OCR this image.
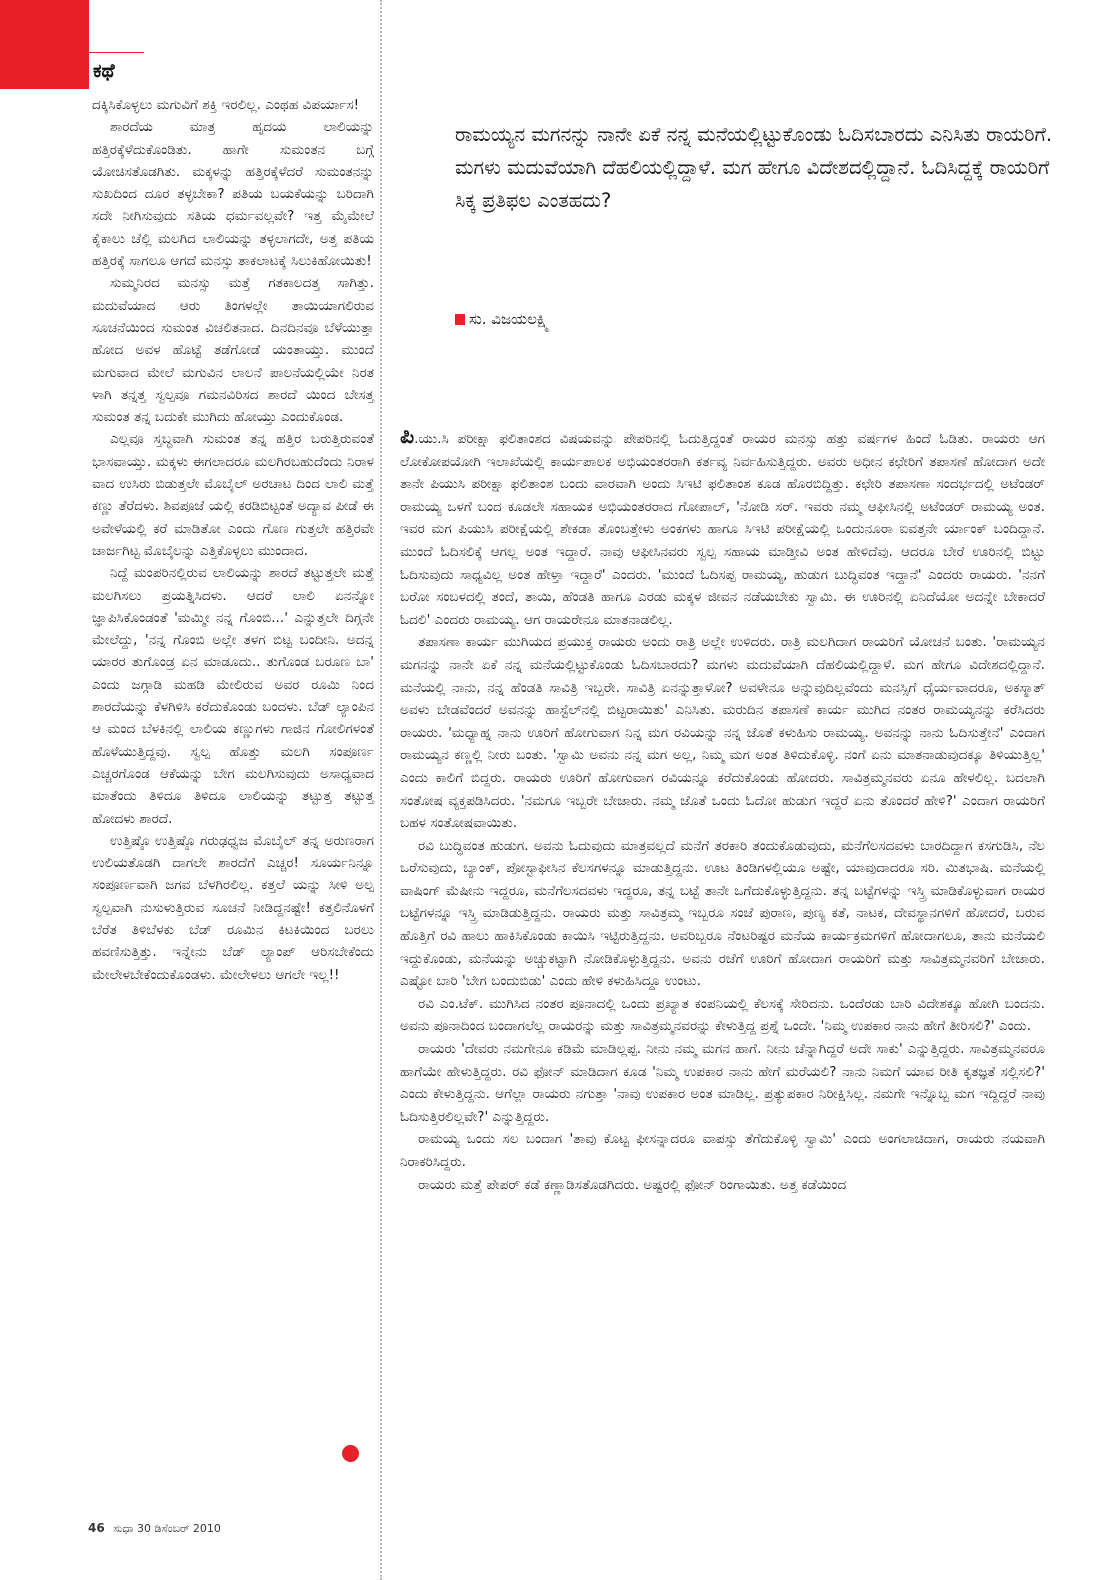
ಕಥೆ

ದಕ್ಕಿಸಿಕೊಳ್ಳಲು ಮಗುವಿಗೆ ಶಕ್ತಿ ಇರಲಿಲ್ಲ. ಎಂಥಹ ವಿಪರ್ಯಾಸ!

ಶಾರದೆಯ ಮಾತ್ರ ಹೃದಯ ಲಾಲಿಯನ್ನು ಹತ್ತಿರಕ್ಕೆಳೆದುಕೊಂಡಿತು. ಹಾಗೇ ಸುಮಂತನ ಬಗ್ಗೆ ಯೋಚಿಸತೊಡಗಿತು. ಮಕ್ಕಳನ್ನು ಹತ್ತಿರಕ್ಕೆಳೆದರೆ ಸುಮಂತನನ್ನು ಸುಖದಿಂದ ದೂರ ತಳ್ಳಬೇಕಾ? ಪತಿಯ ಬಯಕೆಯನ್ನು ಬರಿದಾಗಿ ಸದೇ ನೀಗಿಸುವುದು ಸತಿಯ ಧರ್ಮವಲ್ಲವೇ? ಇತ್ತ ಮೈಮೇಲೆ ಕೈಕಾಲು ಚೆಲ್ಲಿ ಮಲಗಿದ ಲಾಲಿಯನ್ನು ತಳ್ಳಲಾಗದೇ, ಅತ್ತ ಪತಿಯ ಹತ್ತಿರಕ್ಕೆ ಸಾಗಲೂ ಆಗದೆ ಮನಸ್ಸು ತಾಕಲಾಟಕ್ಕೆ ಸಿಲುಕಿಹೋಯಿತು!

ಸುಮ್ಮನಿರದ ಮನಸ್ಸು ಮತ್ತೆ ಗತಕಾಲದತ್ತ ಸಾಗಿತ್ತು. ಮದುವೆಯಾದ ಆರು ತಿಂಗಳಲ್ಲೇ ತಾಯಿಯಾಗಲಿರುವ ಸೂಚನೆಯಿಂದ ಸುಮಂತ ವಿಚಲಿತನಾದ. ದಿನದಿನವೂ ಬೆಳೆಯುತ್ತಾ ಹೋದ ಅವಳ ಹೊಟ್ಟೆ ತಡೆಗೋಡೆ ಯಂತಾಯ್ತು. ಮುಂದೆ ಮಗುವಾದ ಮೇಲೆ ಮಗುವಿನ ಲಾಲನೆ ಪಾಲನೆಯಲ್ಲಿಯೇ ನಿರತ ಳಾಗಿ ತನ್ನತ್ತ ಸ್ವಲ್ಪವೂ ಗಮನವಿರಿಸದ ಶಾರದೆ ಯಿಂದ ಬೇಸತ್ತ ಸುಮಂತ ತನ್ನ ಬದುಕೇ ಮುಗಿದು ಹೋಯ್ತು ಎಂದುಕೊಂಡ.

ಎಲ್ಲವೂ ಸ್ತಬ್ಧವಾಗಿ ಸುಮಂತ ತನ್ನ ಹತ್ತಿರ ಬರುತ್ತಿರುವಂತೆ ಭಾಸವಾಯ್ತು. ಮಕ್ಕಳು ಈಗಲಾದರೂ ಮಲಗಿರಬಹುದೆಂದು ನಿರಾಳ ವಾದ ಉಸಿರು ಬಿಡುತ್ತಲೇ ಮೊಬೈಲ್ ಅರಚಾಟ ದಿಂದ ಲಾಲಿ ಮತ್ತೆ ಕಣ್ಣು ತೆರೆದಳು. ಶಿವಪೂಜೆ ಯಲ್ಲಿ ಕರಡಿಬಿಟ್ಟಂತೆ ಅದ್ಯಾವ ಪೀಡೆ ಈ ಅವೇಳೆಯಲ್ಲಿ ಕರೆ ಮಾಡಿತೋ ಎಂದು ಗೊಣ ಗುತ್ತಲೇ ಹತ್ತಿರವೇ ಚಾರ್ಜಗಿಟ್ಟ ಮೊಬೈಲನ್ನು ಎತ್ತಿಕೊಳ್ಳಲು ಮುಂದಾದ.

ನಿದ್ದೆ ಮಂಪರಿನಲ್ಲಿರುವ ಲಾಲಿಯನ್ನು ಶಾರದೆ ತಟ್ಟುತ್ತಲೇ ಮತ್ತೆ ಮಲಗಿಸಲು ಪ್ರಯತ್ನಿಸಿದಳು. ಆದರೆ ಲಾಲಿ ಏನನ್ನೋ ಜ್ಞಾಪಿಸಿಕೊಂಡಂತೆ 'ಮಮ್ಮೀ ನನ್ನ ಗೊಂಬಿ...' ಎನ್ನುತ್ತಲೇ ದಿಗ್ಗನೇ ಮೇಲೆದ್ದು, 'ನನ್ನ ಗೊಂಬಿ ಅಲ್ಲೇ ತಳಗ ಬಿಟ್ಟ ಬಂದೀನಿ. ಅದನ್ನ ಯಾರರ ತುಗೊಂಡ್ರ ಏನ ಮಾಡೂದು.. ತುಗೊಂಡ ಬರೂಣ ಬಾ' ಎಂದು ಜಗ್ಗಾಡಿ ಮಹಡಿ ಮೇಲಿರುವ ಅವರ ರೂಮಿ ನಿಂದ ಶಾರದೆಯನ್ನು ಕೆಳಗಿಳಿಸಿ ಕರೆದುಕೊಂಡು ಬಂದಳು. ಬೆಡ್ ಲ್ಯಾಂಪಿನ ಆ ಮಂದ ಬೆಳಕಿನಲ್ಲಿ ಲಾಲಿಯ ಕಣ್ಣುಗಳು ಗಾಜಿನ ಗೋಲಿಗಳಂತೆ ಹೊಳೆಯುತ್ತಿದ್ದವು. ಸ್ವಲ್ಪ ಹೊತ್ತು ಮಲಗಿ ಸಂಪೂರ್ಣ ಎಚ್ಚರಗೊಂಡ ಆಕೆಯನ್ನು ಬೇಗ ಮಲಗಿಸುವುದು ಅಸಾಧ್ಯವಾದ ಮಾತೆಂದು ತಿಳಿದೂ ತಿಳಿದೂ ಲಾಲಿಯನ್ನು ತಟ್ಟುತ್ತ ತಟ್ಟುತ್ತ ಹೋದಳು ಶಾರದೆ.

ಉತ್ತಿಷ್ಠೊ ಉತ್ತಿಷ್ಠೊ ಗರುಢಧ್ವಜ ಮೊಬೈಲ್ ತನ್ನ ಅರುಣರಾಗ ಉಲಿಯತೊಡಗಿ ದಾಗಲೇ ಶಾರದೆಗೆ ಎಚ್ಚರ! ಸೂರ್ಯನಿನ್ನೂ ಸಂಪೂರ್ಣವಾಗಿ ಜಗವ ಬೆಳಗಿರಲಿಲ್ಲ. ಕತ್ತಲೆ ಯನ್ನು ಸೀಳಿ ಅಲ್ಪ ಸ್ವಲ್ಪವಾಗಿ ನುಸುಳುತ್ತಿರುವ ಸೂಚನೆ ನೀಡಿದ್ದನಷ್ಟೇ! ಕತ್ತಲಿನೊಳಗೆ ಬೆರೆತ ತಿಳಿಬೆಳಕು ಬೆಡ್ ರೂಮಿನ ಕಿಟಕಿಯಿಂದ ಬರಲು ಹವಣಿಸುತ್ತಿತ್ತು. ಇನ್ನೇನು ಬೆಡ್ ಲ್ಯಾಂಪ್ ಆರಿಸಬೇಕೆಂದು ಮೇಲೇಳಬೇಕೆಂದುಕೊಂಡಳು. ಮೇಲೇಳಲು ಆಗಲೇ ಇಲ್ಲ!!

46 ಸುಧಾ 30 ಡಿಸೆಂಬರ್ 2010
ರಾಮಯ್ಯನ ಮಗನನ್ನು ನಾನೇ ಏಕೆ ನನ್ನ ಮನೆಯಲ್ಲಿಟ್ಟುಕೊಂಡು ಓದಿಸಬಾರದು ಎನಿಸಿತು ರಾಯರಿಗೆ. ಮಗಳು ಮದುವೆಯಾಗಿ ದೆಹಲಿಯಲ್ಲಿದ್ದಾಳೆ. ಮಗ ಹೇಗೂ ವಿದೇಶದಲ್ಲಿದ್ದಾನೆ. ಓದಿಸಿದ್ದಕ್ಕೆ ರಾಯರಿಗೆ ಸಿಕ್ಕ ಪ್ರತಿಫಲ ಎಂತಹದು?
ಸು. ವಿಜಯಲಕ್ಷ್ಮಿ

ಪಿ.ಯು.ಸಿ ಪರೀಕ್ಷಾ ಫಲಿತಾಂಶದ ವಿಷಯವನ್ನು ಪೇಪರಿನಲ್ಲಿ ಓದುತ್ತಿದ್ದಂತೆ ರಾಯರ ಮನಸ್ಸು ಹತ್ತು ವರ್ಷಗಳ ಹಿಂದೆ ಓಡಿತು. ರಾಯರು ಆಗ ಲೋಕೋಪಯೋಗಿ ಇಲಾಖೆಯಲ್ಲಿ ಕಾರ್ಯಪಾಲಕ ಅಭಿಯಂತರರಾಗಿ ಕರ್ತವ್ಯ ನಿರ್ವಹಿಸುತ್ತಿದ್ದರು. ಅವರು ಅಧೀನ ಕಛೇರಿಗೆ ತಪಾಸಣೆ ಹೋದಾಗ ಅದೇ ತಾನೇ ಪಿಯುಸಿ ಪರೀಕ್ಷಾ ಫಲಿತಾಂಶ ಬಂದು ವಾರವಾಗಿ ಅಂದು ಸಿಇಟಿ ಫಲಿತಾಂಶ ಕೂಡ ಹೊರಬಿದ್ದಿತ್ತು. ಕಛೇರಿ ತಪಾಸಣಾ ಸಂದರ್ಭದಲ್ಲಿ ಅಟೆಂಡರ್ ರಾಮಯ್ಯ ಒಳಗೆ ಬಂದ ಕೂಡಲೇ ಸಹಾಯಕ ಅಭಿಯಂತರರಾದ ಗೋಪಾಲ್, 'ನೋಡಿ ಸರ್. ಇವರು ನಮ್ಮ ಆಫೀಸಿನಲ್ಲಿ ಅಟೆಂಡರ್ ರಾಮಯ್ಯ ಅಂತ. ಇವರ ಮಗ ಪಿಯುಸಿ ಪರೀಕ್ಷೆಯಲ್ಲಿ ಶೇಕಡಾ ತೊಂಬತ್ತೇಳು ಅಂಕಗಳು ಹಾಗೂ ಸಿಇಟಿ ಪರೀಕ್ಷೆಯಲ್ಲಿ ಒಂದುನೂರಾ ಐವತ್ತನೇ ರ್ಯಾಂಕ್ ಬಂದಿದ್ದಾನೆ. ಮುಂದೆ ಓದಿಸಲಿಕ್ಕೆ ಆಗಲ್ಲ ಅಂತ ಇದ್ದಾರೆ. ನಾವು ಆಫೀಸಿನವರು ಸ್ವಲ್ಪ ಸಹಾಯ ಮಾಡ್ತೀವಿ ಅಂತ ಹೇಳಿದೆವು. ಆದರೂ ಬೇರೆ ಊರಿನಲ್ಲಿ ಬಿಟ್ಟು ಓದಿಸುವುದು ಸಾಧ್ಯವಿಲ್ಲ ಅಂತ ಹೇಳ್ತಾ ಇದ್ದಾರೆ' ಎಂದರು. 'ಮುಂದೆ ಓದಿಸಪ್ಪ ರಾಮಯ್ಯ, ಹುಡುಗ ಬುದ್ಧಿವಂತ ಇದ್ದಾನೆ' ಎಂದರು ರಾಯರು. 'ನನಗೆ ಬರೋ ಸಂಬಳದಲ್ಲಿ ತಂದೆ, ತಾಯಿ, ಹೆಂಡತಿ ಹಾಗೂ ಎರಡು ಮಕ್ಕಳ ಜೀವನ ನಡೆಯಬೇಕು ಸ್ವಾಮಿ. ಈ ಊರಿನಲ್ಲಿ ಏನಿದೆಯೋ ಅದನ್ನೇ ಬೇಕಾದರೆ ಓದಲಿ' ಎಂದರು ರಾಮಯ್ಯ. ಆಗ ರಾಯರೇನೂ ಮಾತನಾಡಲಿಲ್ಲ.

ತಪಾಸಣಾ ಕಾರ್ಯ ಮುಗಿಯದ ಪ್ರಯುಕ್ತ ರಾಯರು ಅಂದು ರಾತ್ರಿ ಅಲ್ಲೇ ಉಳಿದರು. ರಾತ್ರಿ ಮಲಗಿದಾಗ ರಾಯರಿಗೆ ಯೋಚನೆ ಬಂತು. 'ರಾಮಯ್ಯನ ಮಗನನ್ನು ನಾನೇ ಏಕೆ ನನ್ನ ಮನೆಯಲ್ಲಿಟ್ಟುಕೊಂಡು ಓದಿಸಬಾರದು? ಮಗಳು ಮದುವೆಯಾಗಿ ದೆಹಲಿಯಲ್ಲಿದ್ದಾಳೆ. ಮಗ ಹೇಗೂ ವಿದೇಶದಲ್ಲಿದ್ದಾನೆ. ಮನೆಯಲ್ಲಿ ನಾನು, ನನ್ನ ಹೆಂಡತಿ ಸಾವಿತ್ರಿ ಇಬ್ಬರೇ. ಸಾವಿತ್ರಿ ಏನನ್ನುತ್ತಾಳೋ? ಅವಳೇನೂ ಅನ್ನುವುದಿಲ್ಲವೆಂದು ಮನಸ್ಸಿಗೆ ಧೈರ್ಯವಾದರೂ, ಅಕಸ್ಮಾತ್ ಅವಳು ಬೇಡವೆಂದರೆ ಅವನನ್ನು ಹಾಸ್ಟೆಲ್‌ನಲ್ಲಿ ಬಿಟ್ಟರಾಯಿತು' ಎನಿಸಿತು. ಮರುದಿನ ತಪಾಸಣೆ ಕಾರ್ಯ ಮುಗಿದ ನಂತರ ರಾಮಯ್ಯನನ್ನು ಕರೆಸಿದರು ರಾಯರು. 'ಮಧ್ಯಾಹ್ನ ನಾನು ಊರಿಗೆ ಹೋಗುವಾಗ ನಿನ್ನ ಮಗ ರವಿಯನ್ನು ನನ್ನ ಜೊತೆ ಕಳುಹಿಸು ರಾಮಯ್ಯ. ಅವನನ್ನು ನಾನು ಓದಿಸುತ್ತೇನೆ' ಎಂದಾಗ ರಾಮಯ್ಯನ ಕಣ್ಣಲ್ಲಿ ನೀರು ಬಂತು. 'ಸ್ವಾಮಿ ಅವನು ನನ್ನ ಮಗ ಅಲ್ಲ, ನಿಮ್ಮ ಮಗ ಅಂತ ತಿಳಿದುಕೊಳ್ಳಿ. ನಂಗೆ ಏನು ಮಾತನಾಡುವುದಕ್ಕೂ ತಿಳಿಯುತ್ತಿಲ್ಲ' ಎಂದು ಕಾಲಿಗೆ ಬಿದ್ದರು. ರಾಯರು ಊರಿಗೆ ಹೋಗುವಾಗ ರವಿಯನ್ನೂ ಕರೆದುಕೊಂಡು ಹೋದರು. ಸಾವಿತ್ರಮ್ಮನವರು ಏನೂ ಹೇಳಲಿಲ್ಲ. ಬದಲಾಗಿ ಸಂತೋಷ ವ್ಯಕ್ತಪಡಿಸಿದರು. 'ನಮಗೂ ಇಬ್ಬರೇ ಬೇಜಾರು. ನಮ್ಮ ಜೊತೆ ಒಂದು ಓದೋ ಹುಡುಗ ಇದ್ದರೆ ಏನು ತೊಂದರೆ ಹೇಳಿ?' ಎಂದಾಗ ರಾಯರಿಗೆ ಬಹಳ ಸಂತೋಷವಾಯಿತು.

ರವಿ ಬುದ್ಧಿವಂತ ಹುಡುಗ. ಅವನು ಓದುವುದು ಮಾತ್ರವಲ್ಲದೆ ಮನೆಗೆ ತರಕಾರಿ ತಂದುಕೊಡುವುದು, ಮನೆಗೆಲಸದವಳು ಬಾರದಿದ್ದಾಗ ಕಸಗುಡಿಸಿ, ನೆಲ ಒರೆಸುವುದು, ಬ್ಯಾಂಕ್, ಪೋಸ್ಟಾಫೀಸಿನ ಕೆಲಸಗಳನ್ನೂ ಮಾಡುತ್ತಿದ್ದನು. ಊಟ ತಿಂಡಿಗಳಲ್ಲಿಯೂ ಅಷ್ಟೇ, ಯಾವುದಾದರೂ ಸರಿ. ಮಿತಭಾಷಿ. ಮನೆಯಲ್ಲಿ ವಾಷಿಂಗ್ ಮೆಷೀನು ಇದ್ದರೂ, ಮನೆಗೆಲಸದವಳು ಇದ್ದರೂ, ತನ್ನ ಬಟ್ಟೆ ತಾನೇ ಒಗೆದುಕೊಳ್ಳುತ್ತಿದ್ದನು. ತನ್ನ ಬಟ್ಟೆಗಳನ್ನು ಇಸ್ತ್ರಿ ಮಾಡಿಕೊಳ್ಳುವಾಗ ರಾಯರ ಬಟ್ಟೆಗಳನ್ನೂ ಇಸ್ತ್ರಿ ಮಾಡಿಡುತ್ತಿದ್ದನು. ರಾಯರು ಮತ್ತು ಸಾವಿತ್ರಮ್ಮ ಇಬ್ಬರೂ ಸಂಜೆ ಪುರಾಣ, ಪುಣ್ಯ ಕತೆ, ನಾಟಕ, ದೇವಸ್ಥಾನಗಳಿಗೆ ಹೋದರೆ, ಬರುವ ಹೊತ್ತಿಗೆ ರವಿ ಹಾಲು ಹಾಕಿಸಿಕೊಂಡು ಕಾಯಿಸಿ ಇಟ್ಟಿರುತ್ತಿದ್ದನು. ಅವರಿಬ್ಬರೂ ನೆಂಟರಿಷ್ಟರ ಮನೆಯ ಕಾರ್ಯಕ್ರಮಗಳಿಗೆ ಹೋದಾಗಲೂ, ತಾನು ಮನೆಯಲಿ ಇದ್ದುಕೊಂಡು, ಮನೆಯನ್ನು ಅಚ್ಚುಕಟ್ಟಾಗಿ ನೋಡಿಕೊಳ್ಳುತ್ತಿದ್ದನು. ಅವನು ರಜೆಗೆ ಊರಿಗೆ ಹೋದಾಗ ರಾಯರಿಗೆ ಮತ್ತು ಸಾವಿತ್ರಮ್ಮನವರಿಗೆ ಬೇಜಾರು. ಎಷ್ಟೋ ಬಾರಿ 'ಬೇಗ ಬಂದುಬಿಡು' ಎಂದು ಹೇಳಿ ಕಳುಹಿಸಿದ್ದೂ ಉಂಟು.

ರವಿ ಎಂ.ಟೆಕ್. ಮುಗಿಸಿದ ನಂತರ ಪೂನಾದಲ್ಲಿ ಒಂದು ಪ್ರಖ್ಯಾತ ಕಂಪನಿಯಲ್ಲಿ ಕೆಲಸಕ್ಕೆ ಸೇರಿದನು. ಒಂದೆರಡು ಬಾರಿ ವಿದೇಶಕ್ಕೂ ಹೋಗಿ ಬಂದನು. ಅವನು ಪೂನಾದಿಂದ ಬಂದಾಗಲೆಲ್ಲ ರಾಯರನ್ನು ಮತ್ತು ಸಾವಿತ್ರಮ್ಮನವರನ್ನು ಕೇಳುತ್ತಿದ್ದ ಪ್ರಶ್ನೆ ಒಂದೇ. 'ನಿಮ್ಮ ಉಪಕಾರ ನಾನು ಹೇಗೆ ತೀರಿಸಲಿ?' ಎಂದು.

ರಾಯರು 'ದೇವರು ನಮಗೇನೂ ಕಡಿಮೆ ಮಾಡಿಲ್ಲಪ್ಪ. ನೀನು ನಮ್ಮ ಮಗನ ಹಾಗೆ. ನೀನು ಚೆನ್ನಾಗಿದ್ದರೆ ಅದೇ ಸಾಕು' ಎನ್ನುತ್ತಿದ್ದರು. ಸಾವಿತ್ರಮ್ಮನವರೂ ಹಾಗೆಯೇ ಹೇಳುತ್ತಿದ್ದರು. ರವಿ ಫೋನ್ ಮಾಡಿದಾಗ ಕೂಡ 'ನಿಮ್ಮ ಉಪಕಾರ ನಾನು ಹೇಗೆ ಮರೆಯಲಿ? ನಾನು ನಿಮಗೆ ಯಾವ ರೀತಿ ಕೃತಜ್ಞತೆ ಸಲ್ಲಿಸಲಿ?' ಎಂದು ಕೇಳುತ್ತಿದ್ದನು. ಆಗೆಲ್ಲಾ ರಾಯರು ನಗುತ್ತಾ 'ನಾವು ಉಪಕಾರ ಅಂತ ಮಾಡಿಲ್ಲ. ಪ್ರತ್ಯುಪಕಾರ ನಿರೀಕ್ಷಿಸಿಲ್ಲ. ನಮಗೇ ಇನ್ನೊಬ್ಬ ಮಗ ಇದ್ದಿದ್ದರೆ ನಾವು ಓದಿಸುತ್ತಿರಲಿಲ್ಲವೇ?' ಎನ್ನುತ್ತಿದ್ದರು.

ರಾಮಯ್ಯ ಒಂದು ಸಲ ಬಂದಾಗ 'ತಾವು ಕೊಟ್ಟ ಫೀಸನ್ನಾದರೂ ವಾಪಸ್ಸು ತೆಗೆದುಕೊಳ್ಳಿ ಸ್ವಾಮಿ' ಎಂದು ಅಂಗಲಾಚಿದಾಗ, ರಾಯರು ನಯವಾಗಿ ನಿರಾಕರಿಸಿದ್ದರು.

ರಾಯರು ಮತ್ತೆ ಪೇಪರ್ ಕಡೆ ಕಣ್ಣಾಡಿಸತೊಡಗಿದರು. ಅಷ್ಟರಲ್ಲಿ ಫೋನ್ ರಿಂಗಾಯಿತು. ಅತ್ತ ಕಡೆಯಿಂದ
